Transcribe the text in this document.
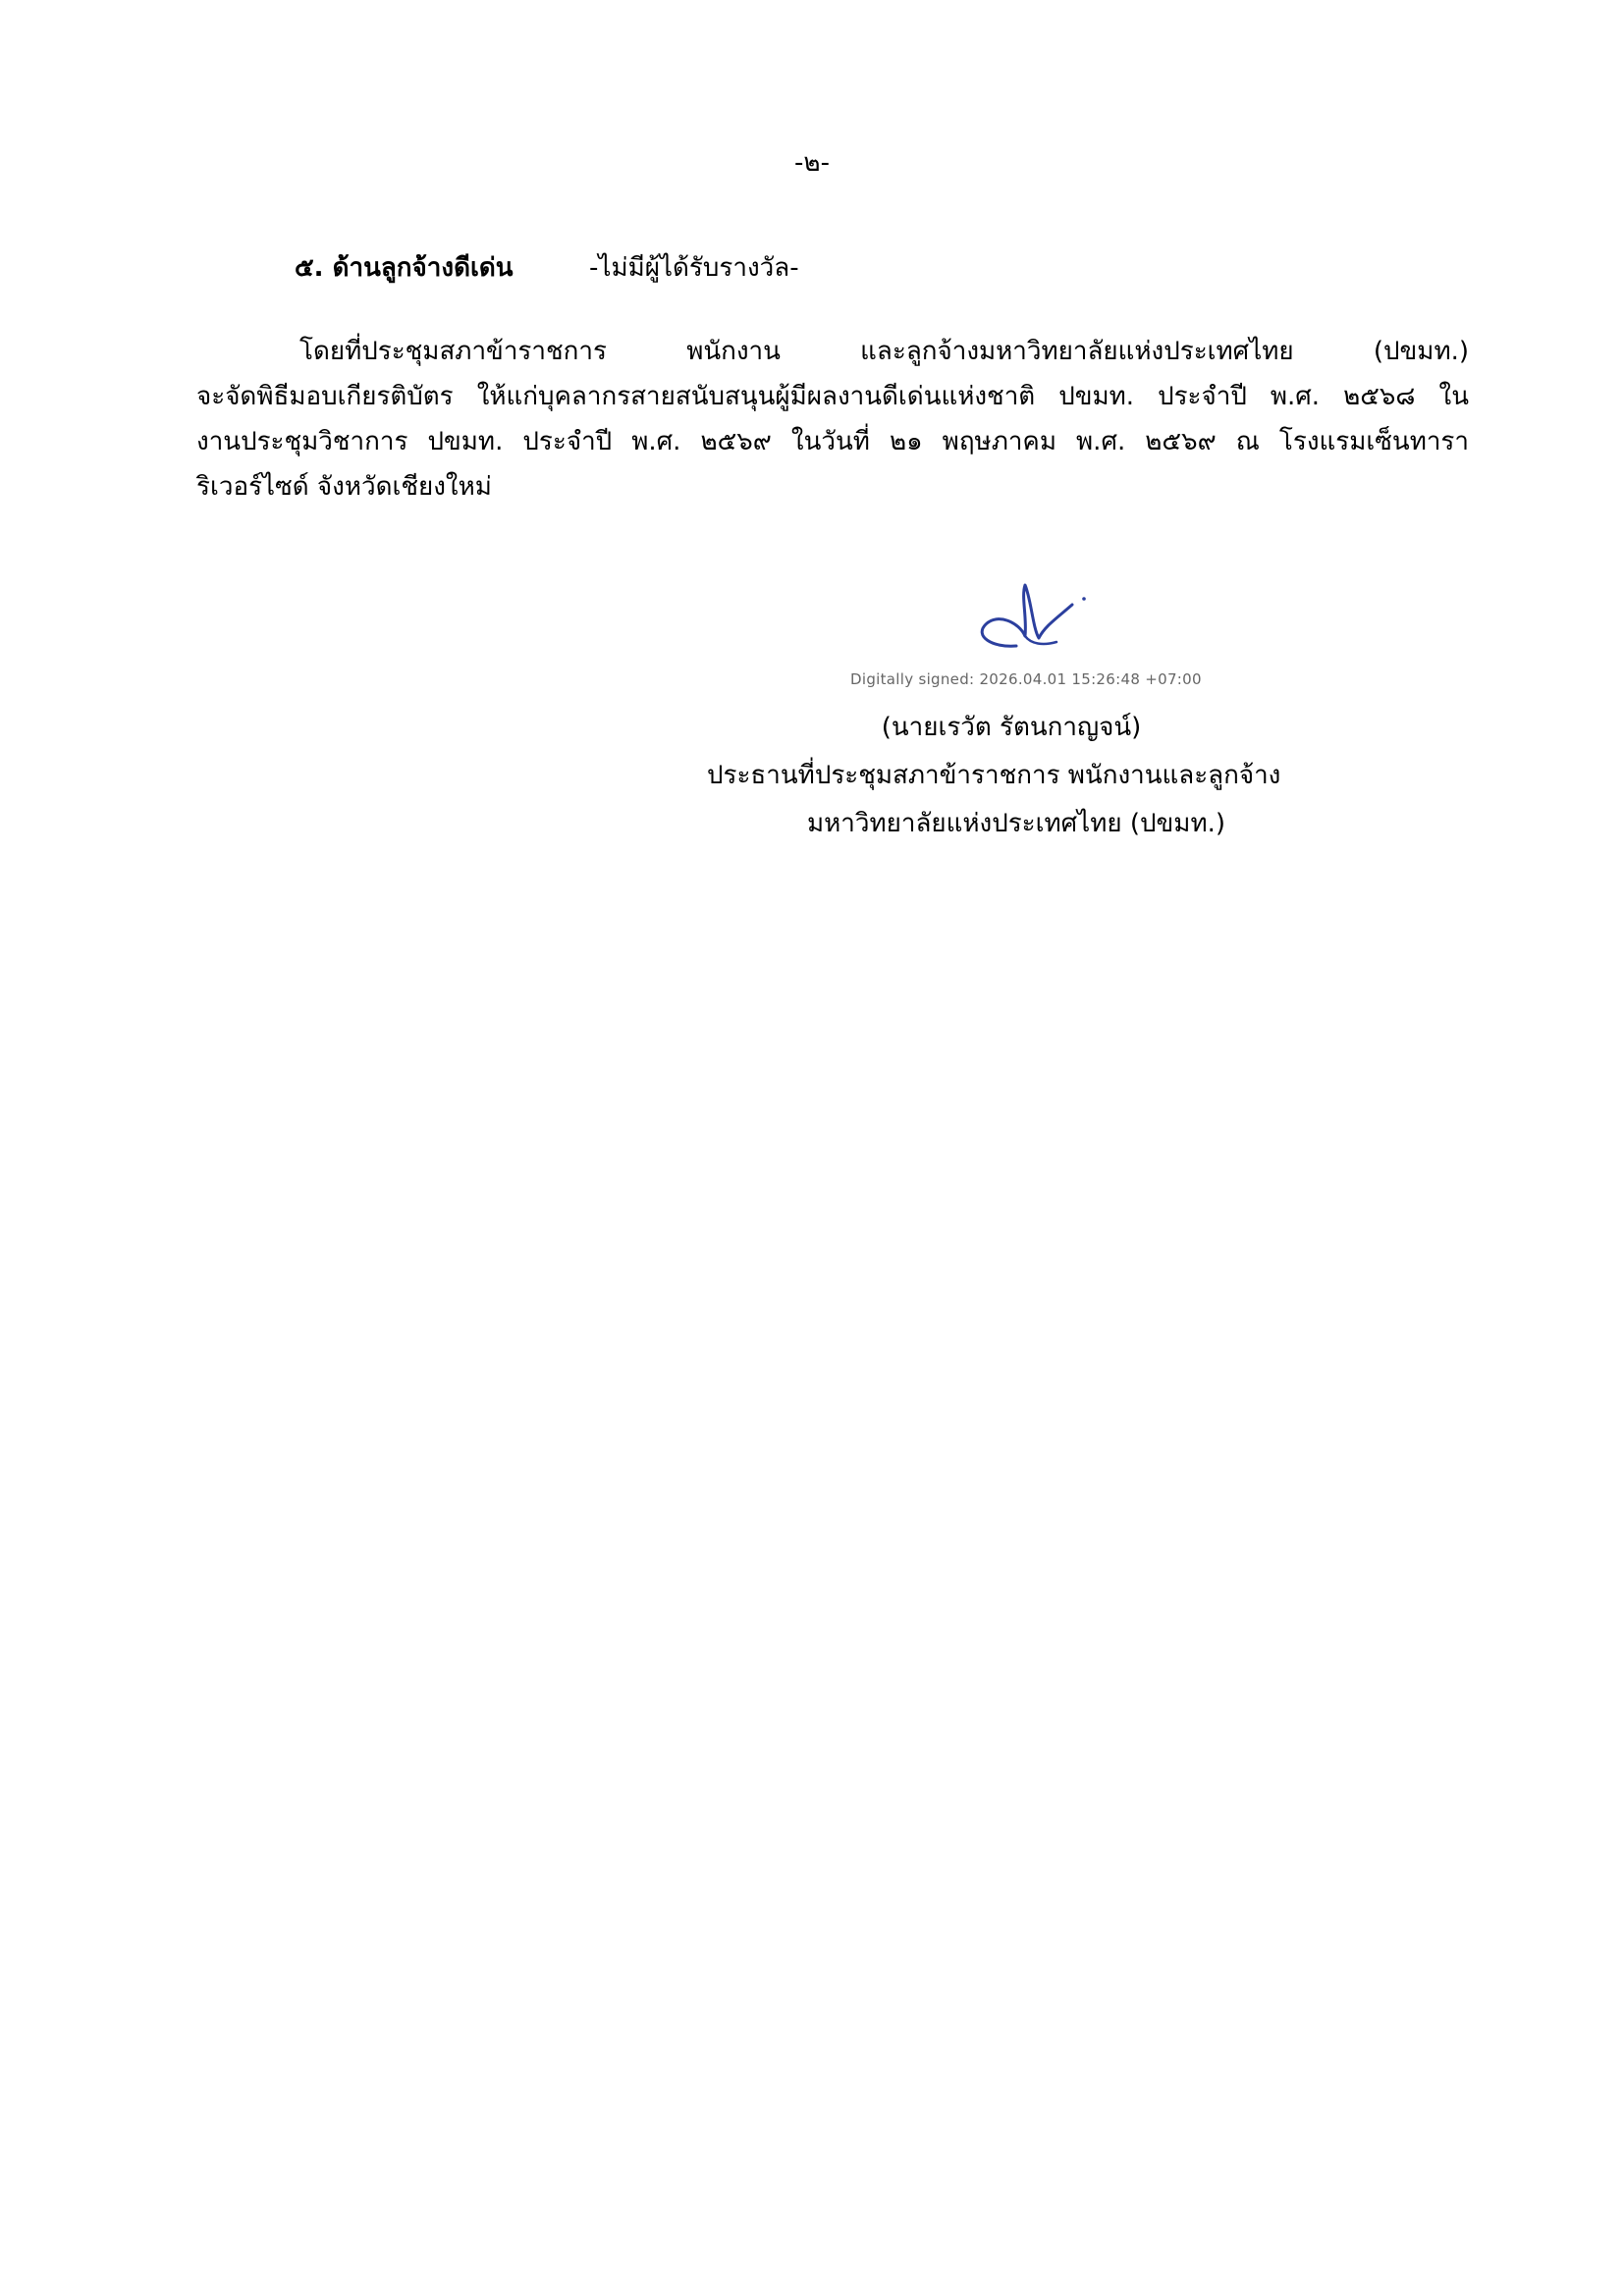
-๒-
๕. ด้านลูกจ้างดีเด่น	-ไม่มีผู้ได้รับรางวัล-
โดยที่ประชุมสภาข้าราชการ พนักงาน และลูกจ้างมหาวิทยาลัยแห่งประเทศไทย (ปขมท.)
จะจัดพิธีมอบเกียรติบัตร ให้แก่บุคลากรสายสนับสนุนผู้มีผลงานดีเด่นแห่งชาติ ปขมท. ประจำปี พ.ศ. ๒๕๖๘ ใน
งานประชุมวิชาการ ปขมท. ประจำปี พ.ศ. ๒๕๖๙ ในวันที่ ๒๑ พฤษภาคม พ.ศ. ๒๕๖๙ ณ โรงแรมเซ็นทารา
ริเวอร์ไซด์ จังหวัดเชียงใหม่
Digitally signed: 2026.04.01 15:26:48 +07:00
(นายเรวัต รัตนกาญจน์)
ประธานที่ประชุมสภาข้าราชการ พนักงานและลูกจ้าง
มหาวิทยาลัยแห่งประเทศไทย (ปขมท.)
